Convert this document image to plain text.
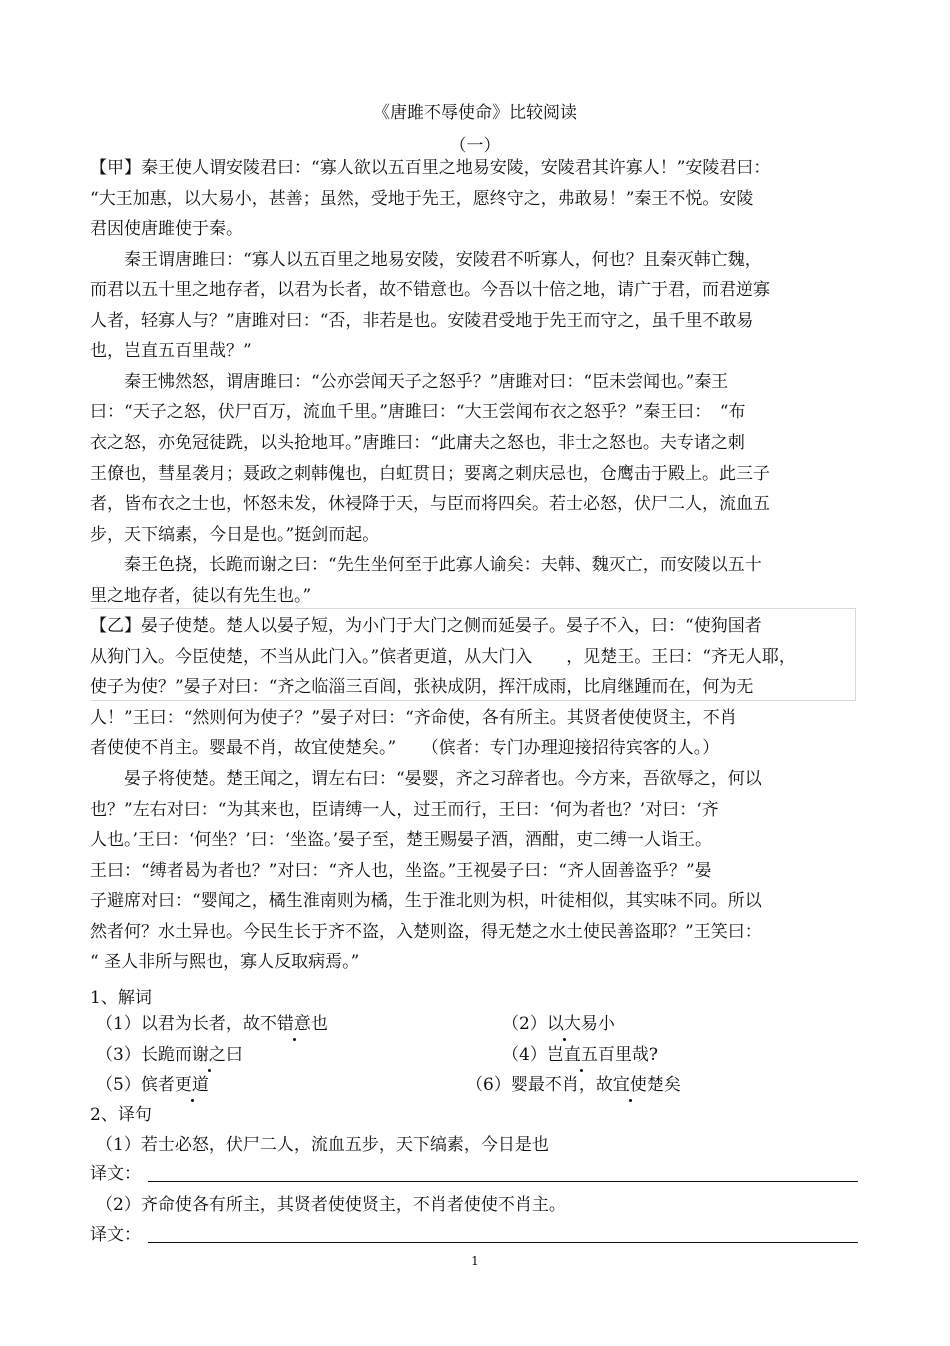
《唐雎不辱使命》比较阅读
（一）
【甲】秦王使人谓安陵君曰：“寡人欲以五百里之地易安陵，安陵君其许寡人！”安陵君曰：
“大王加惠，以大易小，甚善；虽然，受地于先王，愿终守之，弗敢易！”秦王不悦。安陵
君因使唐雎使于秦。
　　秦王谓唐雎曰：“寡人以五百里之地易安陵，安陵君不听寡人，何也？且秦灭韩亡魏，
而君以五十里之地存者，以君为长者，故不错意也。今吾以十倍之地，请广于君，而君逆寡
人者，轻寡人与？”唐雎对曰：“否，非若是也。安陵君受地于先王而守之，虽千里不敢易
也，岂直五百里哉？”
　　秦王怫然怒，谓唐雎曰：“公亦尝闻天子之怒乎？”唐雎对曰：“臣未尝闻也。”秦王
曰：“天子之怒，伏尸百万，流血千里。”唐雎曰：“大王尝闻布衣之怒乎？”秦王曰：　“布
衣之怒，亦免冠徒跣，以头抢地耳。”唐雎曰：“此庸夫之怒也，非士之怒也。夫专诸之刺
王僚也，彗星袭月；聂政之刺韩傀也，白虹贯日；要离之刺庆忌也，仓鹰击于殿上。此三子
者，皆布衣之士也，怀怒未发，休祲降于天，与臣而将四矣。若士必怒，伏尸二人，流血五
步，天下缟素，今日是也。”挺剑而起。
　　秦王色挠，长跪而谢之曰：“先生坐何至于此寡人谕矣：夫韩、魏灭亡，而安陵以五十
里之地存者，徒以有先生也。”
【乙】晏子使楚。楚人以晏子短，为小门于大门之侧而延晏子。晏子不入，曰：“使狗国者
从狗门入。今臣使楚，不当从此门入。”傧者更道，从大门入　　，见楚王。王曰：“齐无人耶，
使子为使？”晏子对曰：“齐之临淄三百闾，张袂成阴，挥汗成雨，比肩继踵而在，何为无
人！”王曰：“然则何为使子？”晏子对曰：“齐命使，各有所主。其贤者使使贤主，不肖
者使使不肖主。婴最不肖，故宜使楚矣。”　　（傧者：专门办理迎接招待宾客的人。）
　　晏子将使楚。楚王闻之，谓左右曰：“晏婴，齐之习辞者也。今方来，吾欲辱之，何以
也？”左右对曰：“为其来也，臣请缚一人，过王而行，王曰：‘何为者也？’对曰：‘齐
人也。’王曰：‘何坐？’曰：‘坐盗。’晏子至，楚王赐晏子酒，酒酣，吏二缚一人诣王。
王曰：“缚者曷为者也？”对曰：“齐人也，坐盗。”王视晏子曰：“齐人固善盗乎？”晏
子避席对曰：“婴闻之，橘生淮南则为橘，生于淮北则为枳，叶徒相似，其实味不同。所以
然者何？水土异也。今民生长于齐不盗，入楚则盗，得无楚之水土使民善盗耶？”王笑曰：
“ 圣人非所与熙也，寡人反取病焉。”
1、解词
（1）以君为长者，故不错意也	（2）以大易小
（3）长跪而谢之曰	（4）岂直五百里哉?
（5）傧者更道	（6）婴最不肖，故宜使楚矣
2、译句
（1）若士必怒，伏尸二人，流血五步，天下缟素，今日是也
译文：
（2）齐命使各有所主，其贤者使使贤主，不肖者使使不肖主。
译文：
1
